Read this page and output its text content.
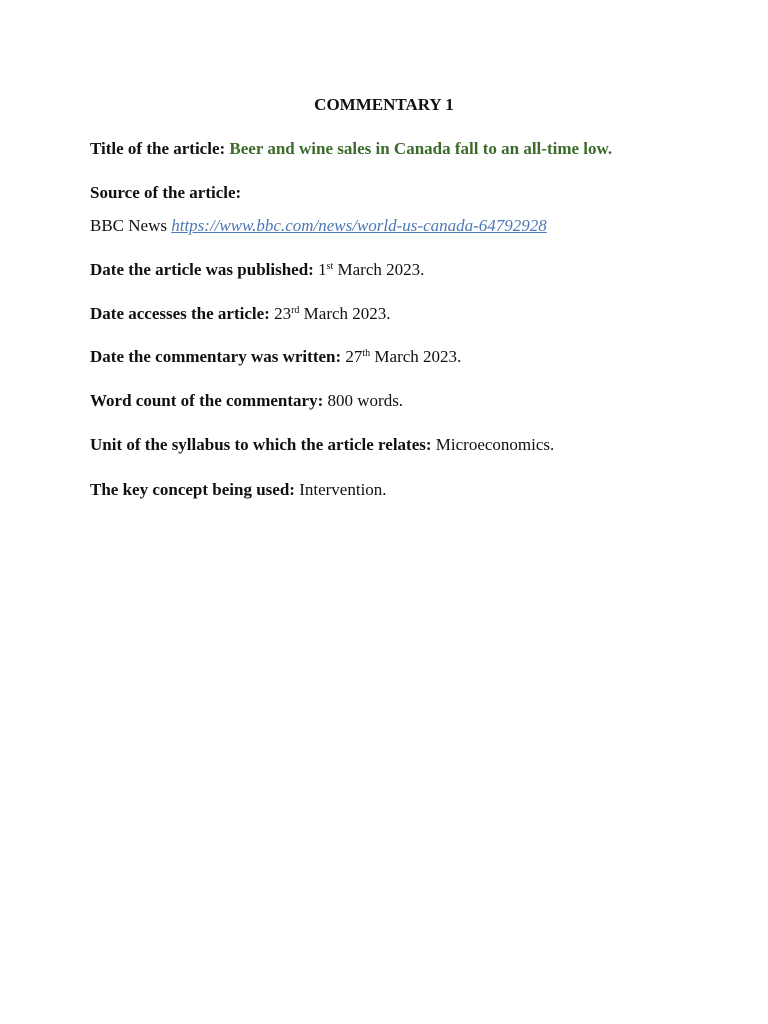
COMMENTARY 1
Title of the article: Beer and wine sales in Canada fall to an all-time low.
Source of the article:
BBC News https://www.bbc.com/news/world-us-canada-64792928
Date the article was published: 1st March 2023.
Date accesses the article: 23rd March 2023.
Date the commentary was written: 27th March 2023.
Word count of the commentary: 800 words.
Unit of the syllabus to which the article relates: Microeconomics.
The key concept being used: Intervention.
